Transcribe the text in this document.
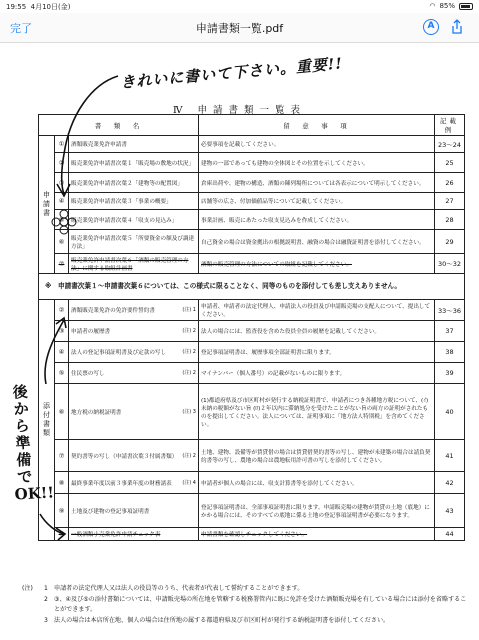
19:55 4月10日(金)	◠ 85%
完了	申請書類一覧.pdf	A
きれいに書いて下さい。重要!!
Ⅳ 申請書類一覧表
書　類　名			留　意　事　項	記載例
申請書	①	酒類販売業免許申請書	必要事項を記載してください。	23～24
	②	販売業免許申請書次葉１「販売場の敷地の状況」	建物の一部であっても建物の全体図とその位置を示してください。	25
	③	販売業免許申請書次葉２「建物等の配置図」	倉庫出荷や、建物の構造、酒類の陳列場所については各表示について明示してください。	26
	④	販売業免許申請書次葉３「事業の概要」	店舗等の広さ、付加価値品等について記載してください。	27
	⑤	販売業免許申請書次葉４「収支の見込み」	事業計画、販売にあたった収支見込みを作成してください。	28
	⑥	販売業免許申請書次葉５「所要資金の額及び調達方法」	自己資金の場合は資金拠出の根拠説明書、融資の場合は融資証明書を添付してください。	29
	⑦	販売業免許申請書次葉６「酒類の販売管理の方法」に関する取組計画書	酒類の販売管理の方法についての取組を記載してください。	30～32
※　申請書次葉１～申請書次葉６については、この様式に限ることなく、同等のものを添付しても差し支えありません。				
添付書類	②	酒類販売業免許の免許要件誓約書 (注) 1	申請者、申請者の法定代理人、申請法人の役員及び申請販売場の支配人について、提出してください。	33～36
	③	申請者の履歴書 (注) 2	法人の場合には、監査役を含めた役員全員の履歴を記載してください。	37
	④	法人の登記事項証明書及び定款の写し (注) 2	登記事項証明書は、履歴事項全部証明書に限ります。	38
	⑤	住民票の写し (注) 2	マイナンバー（個人番号）の記載がないものに限ります。	39
	⑥	地方税の納税証明書 (注) 3	(1)都道府県及び市区町村が発行する納税証明書で、申請者につき各種地方税について、(ｲ)未納の税額がない旨 (ﾛ)２年以内に滞納処分を受けたことがない旨の両方の証明がされたものを提出してください。法人については、証明事項に「地方法人特別税」を含めてください。	40
	⑦	契約書等の写し（申請書次葉３付属書類） (注) 2	土地、建物、設備等が賃貸借の場合は賃貸借契約書等の写し、建物が未建築の場合は請負契約書等の写し、農地の場合は農地転用許可書の写しを添付してください。	41
	⑧	最終事業年度以前３事業年度の財務諸表 (注) 4	申請者が個人の場合には、収支計算書等を添付してください。	42
	⑨	土地及び建物の登記事項証明書	登記事項証明書は、全部事項証明書に限ります。申請販売場の建物が賃貸の土地（底地）にかかる場合には、そのすべての底地に係る土地の登記事項証明書が必要になります。	43
	⑩	一般酒類小売業免許申請チェック表	申請書類を確認しチェックしてください。	44
後から準備でOK!!
(注)	1	申請者の法定代理人又は法人の役員等のうち、代表者が代表して誓約することができます。
2	③、④及び⑤の添付書類については、申請販売場の所在地を管轄する税務署管内に既に免許を受けた酒類販売場を有している場合には添付を省略することができます。
3	法人の場合は本店所在地、個人の場合は住所地の属する都道府県及び市区町村が発行する納税証明書を添付してください。
